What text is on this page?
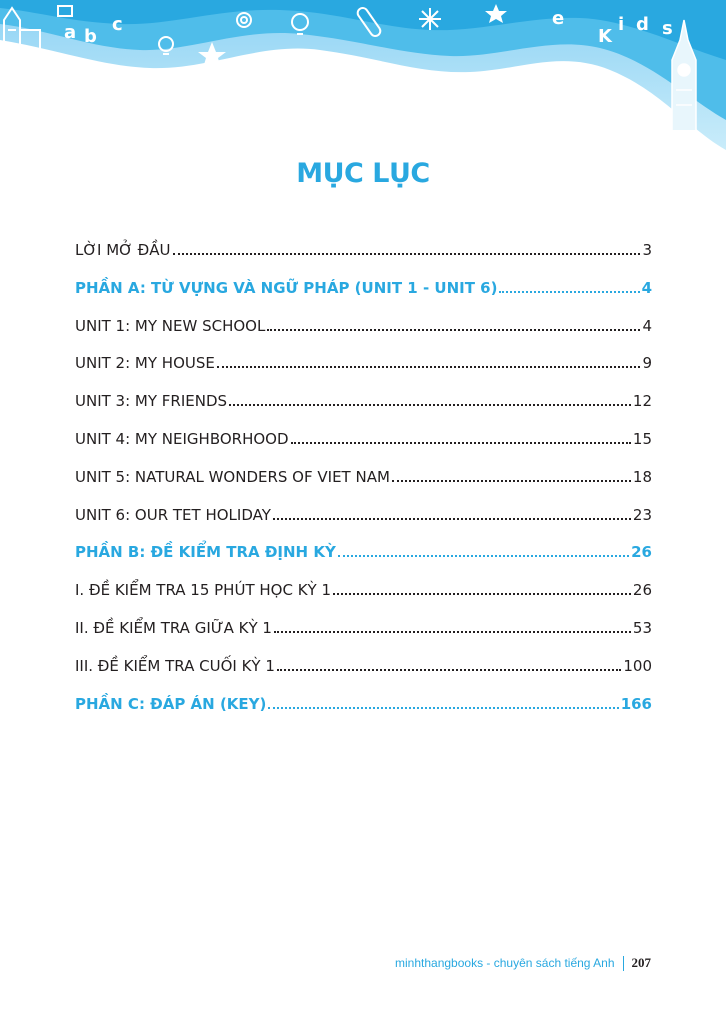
a b
c	e
K
i d s
MỤC LỤC
LỜI MỞ ĐẦU	3
PHẦN A: TỪ VỰNG VÀ NGỮ PHÁP (UNIT 1 - UNIT 6)	4
UNIT 1: MY NEW SCHOOL	4
UNIT 2: MY HOUSE	9
UNIT 3: MY FRIENDS	12
UNIT 4: MY NEIGHBORHOOD	15
UNIT 5: NATURAL WONDERS OF VIET NAM	18
UNIT 6: OUR TET HOLIDAY	23
PHẦN B: ĐỀ KIỂM TRA ĐỊNH KỲ	26
I. ĐỀ KIỂM TRA 15 PHÚT HỌC KỲ 1	26
II. ĐỀ KIỂM TRA GIỮA KỲ 1	53
III. ĐỀ KIỂM TRA CUỐI KỲ 1	100
PHẦN C: ĐÁP ÁN (KEY)	166
minhthangbooks - chuyên sách tiếng Anh 207
